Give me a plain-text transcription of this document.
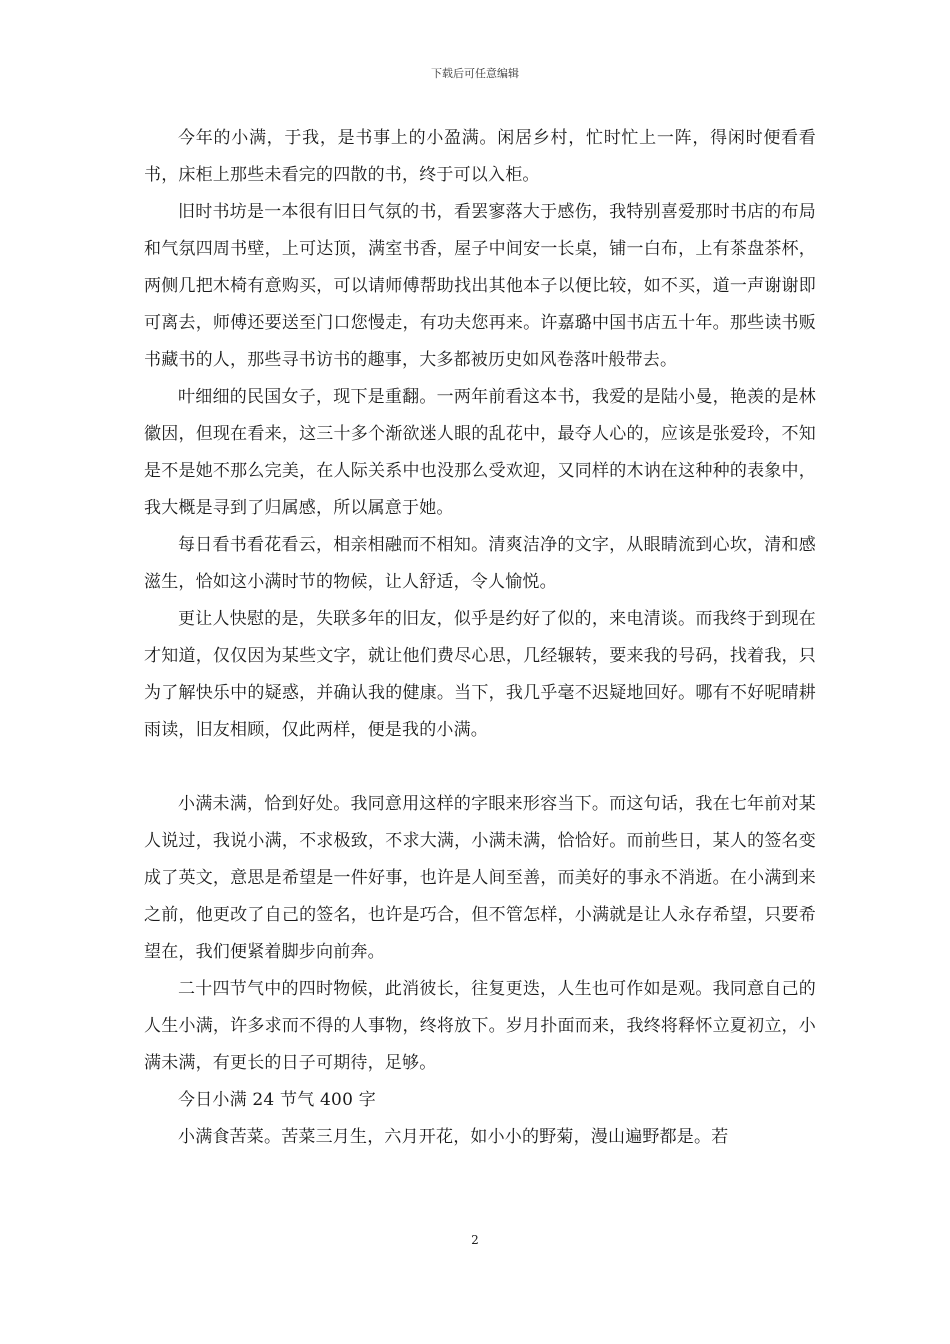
下载后可任意编辑

今年的小满，于我，是书事上的小盈满。闲居乡村，忙时忙上一阵，得闲时便看看书，床柜上那些未看完的四散的书，终于可以入柜。

旧时书坊是一本很有旧日气氛的书，看罢寥落大于感伤，我特别喜爱那时书店的布局和气氛四周书壁，上可达顶，满室书香，屋子中间安一长桌，铺一白布，上有茶盘茶杯，两侧几把木椅有意购买，可以请师傅帮助找出其他本子以便比较，如不买，道一声谢谢即可离去，师傅还要送至门口您慢走，有功夫您再来。许嘉璐中国书店五十年。那些读书贩书藏书的人，那些寻书访书的趣事，大多都被历史如风卷落叶般带去。

叶细细的民国女子，现下是重翻。一两年前看这本书，我爱的是陆小曼，艳羡的是林徽因，但现在看来，这三十多个渐欲迷人眼的乱花中，最夺人心的，应该是张爱玲，不知是不是她不那么完美，在人际关系中也没那么受欢迎，又同样的木讷在这种种的表象中，我大概是寻到了归属感，所以属意于她。

每日看书看花看云，相亲相融而不相知。清爽洁净的文字，从眼睛流到心坎，清和感滋生，恰如这小满时节的物候，让人舒适，令人愉悦。

更让人快慰的是，失联多年的旧友，似乎是约好了似的，来电清谈。而我终于到现在才知道，仅仅因为某些文字，就让他们费尽心思，几经辗转，要来我的号码，找着我，只为了解快乐中的疑惑，并确认我的健康。当下，我几乎毫不迟疑地回好。哪有不好呢晴耕雨读，旧友相顾，仅此两样，便是我的小满。

小满未满，恰到好处。我同意用这样的字眼来形容当下。而这句话，我在七年前对某人说过，我说小满，不求极致，不求大满，小满未满，恰恰好。而前些日，某人的签名变成了英文，意思是希望是一件好事，也许是人间至善，而美好的事永不消逝。在小满到来之前，他更改了自己的签名，也许是巧合，但不管怎样，小满就是让人永存希望，只要希望在，我们便紧着脚步向前奔。

二十四节气中的四时物候，此消彼长，往复更迭，人生也可作如是观。我同意自己的人生小满，许多求而不得的人事物，终将放下。岁月扑面而来，我终将释怀立夏初立，小满未满，有更长的日子可期待，足够。

今日小满 24 节气 400 字

小满食苦菜。苦菜三月生，六月开花，如小小的野菊，漫山遍野都是。若

2
